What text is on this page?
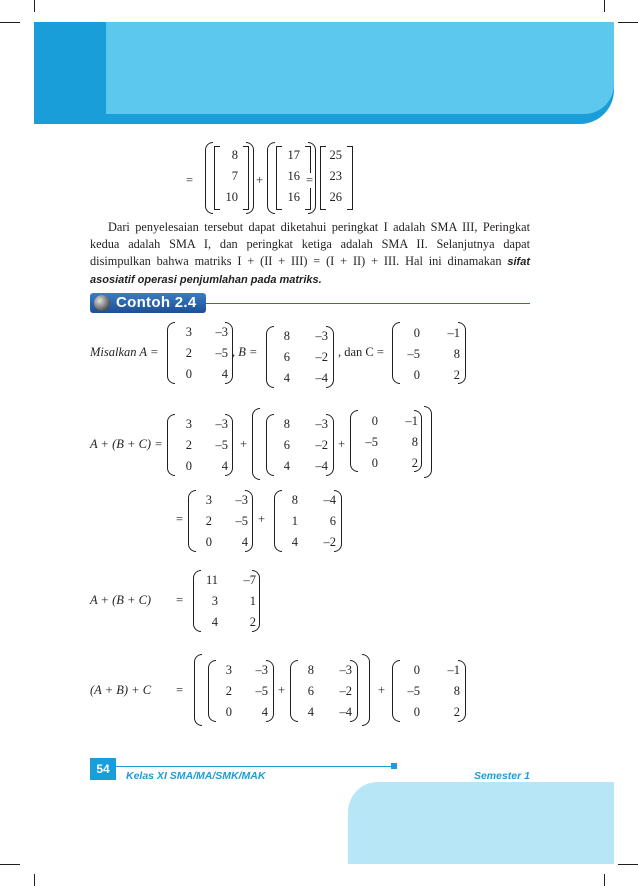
=
8
7
10
+
17
16
16
=
25
23
26
Dari penyelesaian tersebut dapat diketahui peringkat I adalah SMA III, Peringkat kedua adalah SMA I, dan peringkat ketiga adalah SMA II. Selanjutnya dapat disimpulkan bahwa matriks I + (II + III) = (I + II) + III. Hal ini dinamakan sifat asosiatif operasi penjumlahan pada matriks.
Contoh 2.4
Misalkan A =
3	–3
2	–5
0	4
, B =
8	–3
6	–2
4	–4
, dan C =
0	–1
–5	8
0	2
A + (B + C) =
3	–3
2	–5
0	4
+
8	–3
6	–2
4	–4
+
0	–1
–5	8
0	2
=
3	–3
2	–5
0	4
+
8	–4
1	6
4	–2
A + (B + C) =
11	–7
3	1
4	2
(A + B) + C =
3	–3
2	–5
0	4
+
8	–3
6	–2
4	–4
+
0	–1
–5	8
0	2
54	Kelas XI SMA/MA/SMK/MAK	Semester 1
